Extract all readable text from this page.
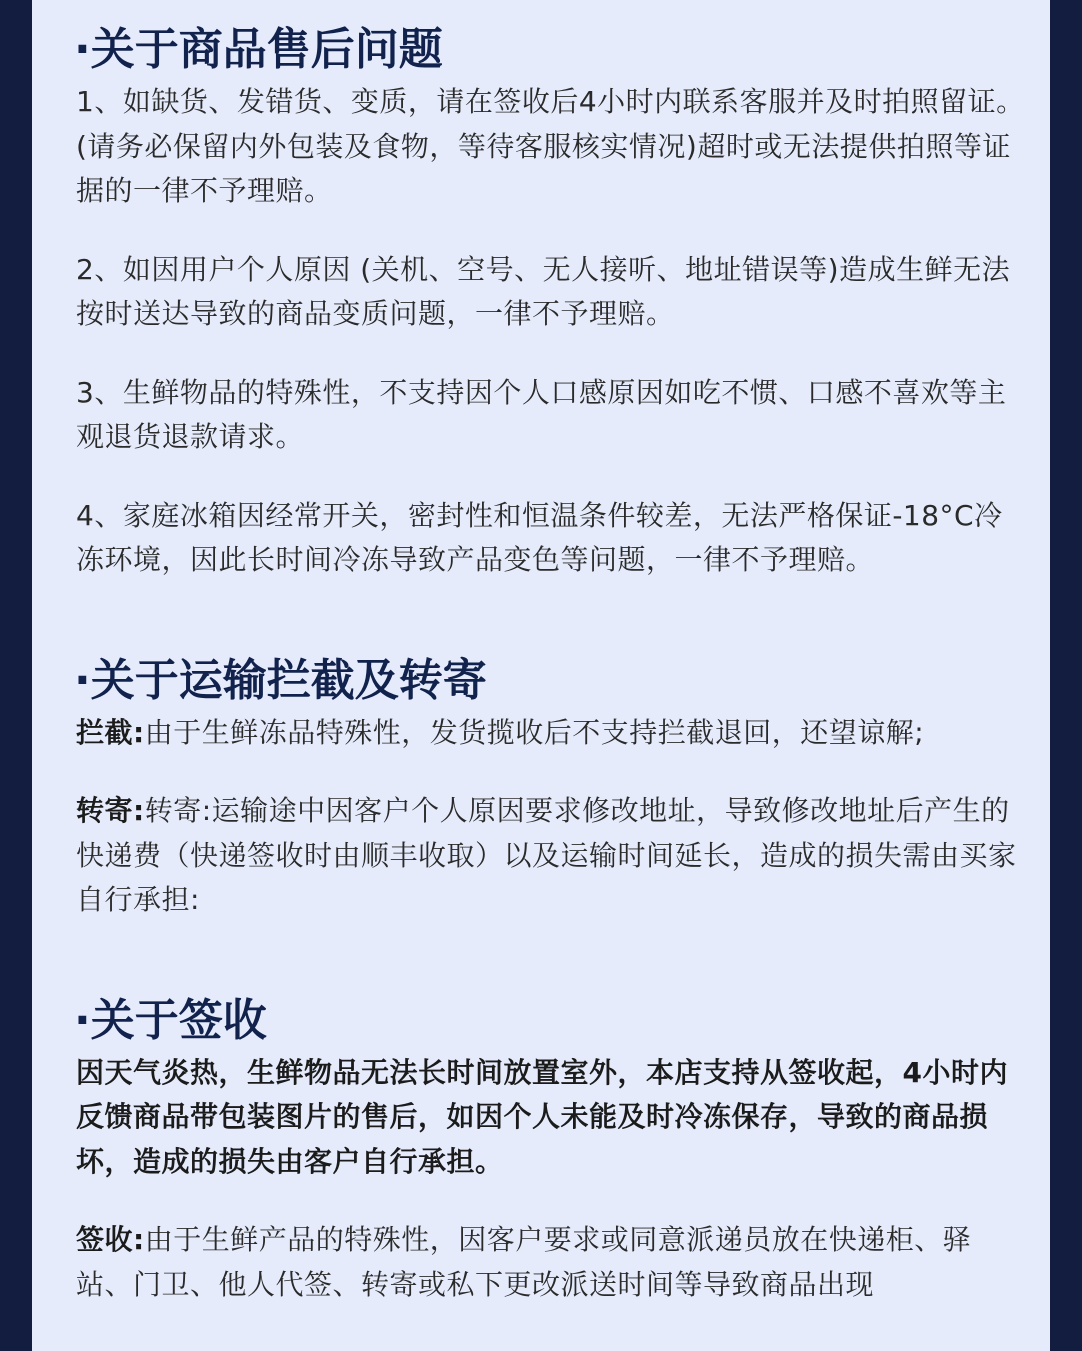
·关于商品售后问题

1、如缺货、发错货、变质，请在签收后4小时内联系客服并及时拍照留证。(请务必保留内外包装及食物，等待客服核实情况)超时或无法提供拍照等证据的一律不予理赔。

2、如因用户个人原因 (关机、空号、无人接听、地址错误等)造成生鲜无法按时送达导致的商品变质问题，一律不予理赔。

3、生鲜物品的特殊性，不支持因个人口感原因如吃不惯、口感不喜欢等主观退货退款请求。

4、家庭冰箱因经常开关，密封性和恒温条件较差，无法严格保证-18°C冷冻环境，因此长时间冷冻导致产品变色等问题，一律不予理赔。

·关于运输拦截及转寄

拦截:由于生鲜冻品特殊性，发货揽收后不支持拦截退回，还望谅解;

转寄:转寄:运输途中因客户个人原因要求修改地址，导致修改地址后产生的快递费（快递签收时由顺丰收取）以及运输时间延长，造成的损失需由买家自行承担:

·关于签收

因天气炎热，生鲜物品无法长时间放置室外，本店支持从签收起，4小时内反馈商品带包装图片的售后，如因个人未能及时冷冻保存，导致的商品损坏，造成的损失由客户自行承担。

签收:由于生鲜产品的特殊性，因客户要求或同意派递员放在快递柜、驿站、门卫、他人代签、转寄或私下更改派送时间等导致商品出现
